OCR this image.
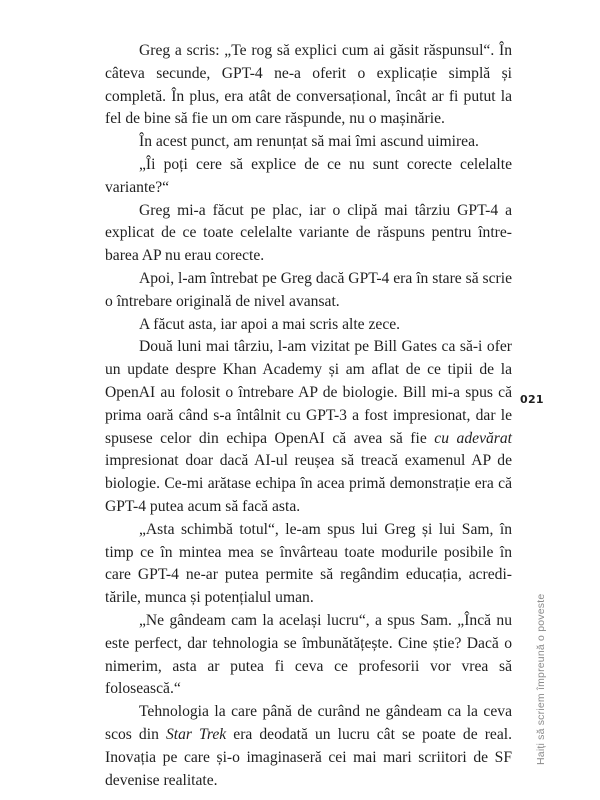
Greg a scris: „Te rog să explici cum ai găsit răspunsul“. În câteva secunde, GPT-4 ne-a oferit o explicație simplă și completă. În plus, era atât de conversațional, încât ar fi putut la fel de bine să fie un om care răspunde, nu o mașinărie.

În acest punct, am renunțat să mai îmi ascund uimirea.

„Îi poți cere să explice de ce nu sunt corecte celelalte variante?“

Greg mi-a făcut pe plac, iar o clipă mai târziu GPT-4 a explicat de ce toate celelalte variante de răspuns pentru întrebarea AP nu erau corecte.

Apoi, l-am întrebat pe Greg dacă GPT-4 era în stare să scrie o întrebare originală de nivel avansat.

A făcut asta, iar apoi a mai scris alte zece.

Două luni mai târziu, l-am vizitat pe Bill Gates ca să-i ofer un update despre Khan Academy și am aflat de ce tipii de la OpenAI au folosit o întrebare AP de biologie. Bill mi-a spus că prima oară când s-a întâlnit cu GPT-3 a fost impresionat, dar le spusese celor din echipa OpenAI că avea să fie cu adevărat impresionat doar dacă AI-ul reușea să treacă examenul AP de biologie. Ce-mi arătase echipa în acea primă demonstrație era că GPT-4 putea acum să facă asta.

„Asta schimbă totul“, le-am spus lui Greg și lui Sam, în timp ce în mintea mea se învârteau toate modurile posibile în care GPT-4 ne-ar putea permite să regândim educația, acreditările, munca și potențialul uman.

„Ne gândeam cam la același lucru“, a spus Sam. „Încă nu este perfect, dar tehnologia se îmbunătățește. Cine știe? Dacă o nimerim, asta ar putea fi ceva ce profesorii vor vrea să folosească.“

Tehnologia la care până de curând ne gândeam ca la ceva scos din Star Trek era deodată un lucru cât se poate de real. Inovația pe care și-o imaginaseră cei mai mari scriitori de SF devenise realitate.

021
Haiți să scriem împreună o poveste
